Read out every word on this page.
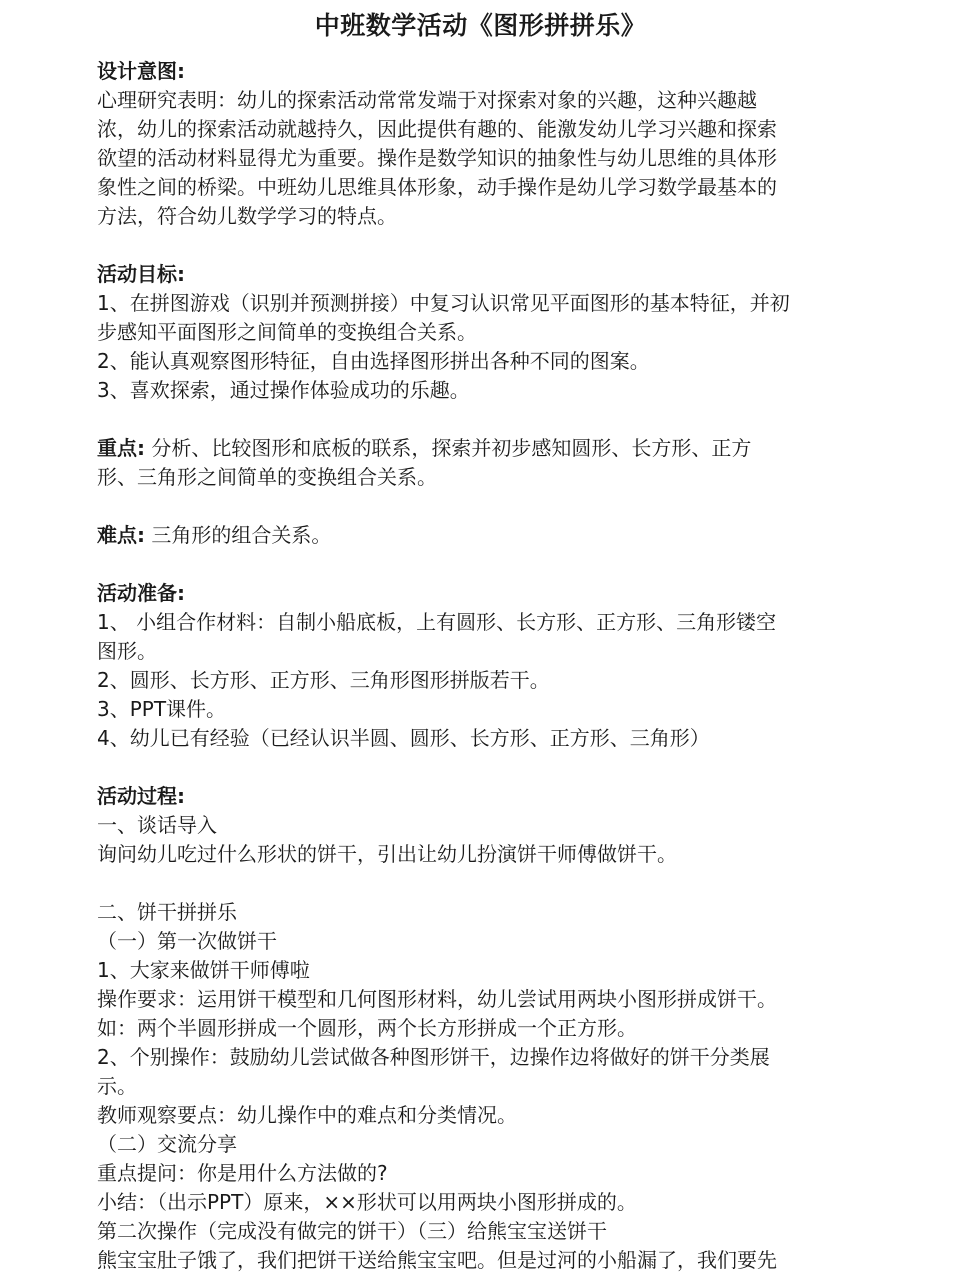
中班数学活动《图形拼拼乐》

设计意图:

心理研究表明：幼儿的探索活动常常发端于对探索对象的兴趣，这种兴趣越

浓，幼儿的探索活动就越持久，因此提供有趣的、能激发幼儿学习兴趣和探索

欲望的活动材料显得尤为重要。操作是数学知识的抽象性与幼儿思维的具体形

象性之间的桥梁。中班幼儿思维具体形象，动手操作是幼儿学习数学最基本的

方法，符合幼儿数学学习的特点。

活动目标:

1、在拼图游戏（识别并预测拼接）中复习认识常见平面图形的基本特征，并初

步感知平面图形之间简单的变换组合关系。

2、能认真观察图形特征，自由选择图形拼出各种不同的图案。

3、喜欢探索，通过操作体验成功的乐趣。

重点: 分析、比较图形和底板的联系，探索并初步感知圆形、长方形、正方

形、三角形之间简单的变换组合关系。

难点: 三角形的组合关系。

活动准备:

1、 小组合作材料：自制小船底板，上有圆形、长方形、正方形、三角形镂空

图形。

2、圆形、长方形、正方形、三角形图形拼版若干。

3、PPT课件。

4、幼儿已有经验（已经认识半圆、圆形、长方形、正方形、三角形）

活动过程:

一、谈话导入

询问幼儿吃过什么形状的饼干，引出让幼儿扮演饼干师傅做饼干。

二、饼干拼拼乐

（一）第一次做饼干

1、大家来做饼干师傅啦

操作要求：运用饼干模型和几何图形材料，幼儿尝试用两块小图形拼成饼干。

如：两个半圆形拼成一个圆形，两个长方形拼成一个正方形。

2、个别操作：鼓励幼儿尝试做各种图形饼干，边操作边将做好的饼干分类展

示。

教师观察要点：幼儿操作中的难点和分类情况。

（二）交流分享

重点提问：你是用什么方法做的?

小结：（出示PPT）原来，××形状可以用两块小图形拼成的。

第二次操作（完成没有做完的饼干）（三）给熊宝宝送饼干

熊宝宝肚子饿了，我们把饼干送给熊宝宝吧。但是过河的小船漏了，我们要先
